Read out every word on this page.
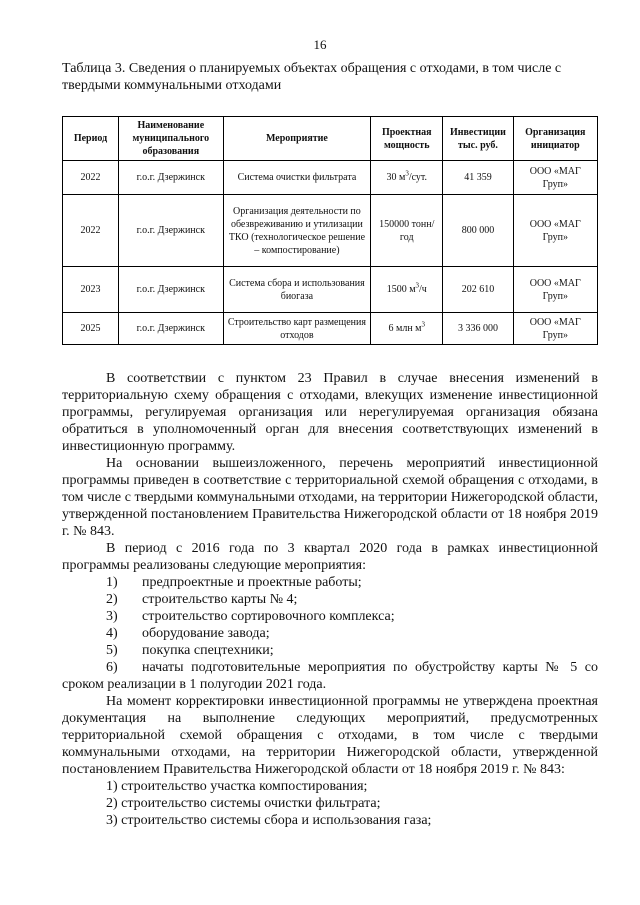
16
Таблица 3. Сведения о планируемых объектах обращения с отходами, в том числе с твердыми коммунальными отходами
Период	Наименование муниципального образования	Мероприятие	Проектная мощность	Инвестиции тыс. руб.	Организация инициатор
2022	г.о.г. Дзержинск	Система очистки фильтрата	30 $м^3$/сут.	41 359	ООО «МАГ Груп»
2022	г.о.г. Дзержинск	Организация деятельности по обезвреживанию и утилизации ТКО (технологическое решение – компостирование)	150000 тонн/год	800 000	ООО «МАГ Груп»
2023	г.о.г. Дзержинск	Система сбора и использования биогаза	1500 $м^3/ч$	202 610	ООО «МАГ Груп»
2025	г.о.г. Дзержинск	Строительство карт размещения отходов	6 млн $м^3$	3 336 000	ООО «МАГ Груп»

В соответствии с пунктом 23 Правил в случае внесения изменений в территориальную схему обращения с отходами, влекущих изменение инвестиционной программы, регулируемая организация или нерегулируемая организация обязана обратиться в уполномоченный орган для внесения соответствующих изменений в инвестиционную программу.

На основании вышеизложенного, перечень мероприятий инвестиционной программы приведен в соответствие с территориальной схемой обращения с отходами, в том числе с твердыми коммунальными отходами, на территории Нижегородской области, утвержденной постановлением Правительства Нижегородской области от 18 ноября 2019 г. № 843.

В период с 2016 года по 3 квартал 2020 года в рамках инвестиционной программы реализованы следующие мероприятия:

1)	предпроектные и проектные работы;
2)	строительство карты № 4;
3)	строительство сортировочного комплекса;
4)	оборудование завода;
5)	покупка спецтехники;

6) начаты подготовительные мероприятия по обустройству карты № 5 со сроком реализации в 1 полугодии 2021 года.

На момент корректировки инвестиционной программы не утверждена проектная документация на выполнение следующих мероприятий, предусмотренных территориальной схемой обращения с отходами, в том числе с твердыми коммунальными отходами, на территории Нижегородской области, утвержденной постановлением Правительства Нижегородской области от 18 ноября 2019 г. № 843:

1) строительство участка компостирования;

2) строительство системы очистки фильтрата;

3) строительство системы сбора и использования газа;
